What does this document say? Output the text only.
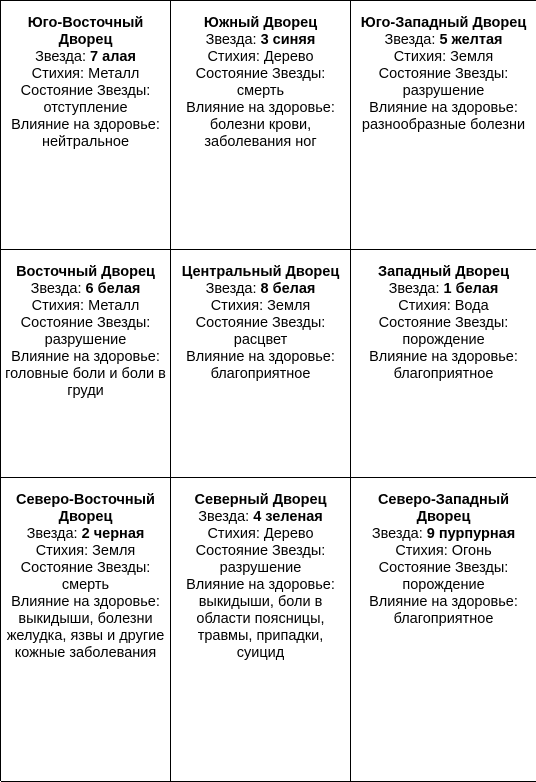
Юго-Восточный Дворец
Звезда: 7 алая
Стихия: Металл
Состояние Звезды:
отступление
Влияние на здоровье:
нейтральное
Южный Дворец
Звезда: 3 синяя
Стихия: Дерево
Состояние Звезды:
смерть
Влияние на здоровье:
болезни крови, заболевания ног
Юго-Западный Дворец
Звезда: 5 желтая
Стихия: Земля
Состояние Звезды:
разрушение
Влияние на здоровье:
разнообразные болезни
Восточный Дворец
Звезда: 6 белая
Стихия: Металл
Состояние Звезды:
разрушение
Влияние на здоровье:
головные боли и боли в груди
Центральный Дворец
Звезда: 8 белая
Стихия: Земля
Состояние Звезды:
расцвет
Влияние на здоровье:
благоприятное
Западный Дворец
Звезда: 1 белая
Стихия: Вода
Состояние Звезды:
порождение
Влияние на здоровье:
благоприятное
Северо-Восточный Дворец
Звезда: 2 черная
Стихия: Земля
Состояние Звезды:
смерть
Влияние на здоровье:
выкидыши, болезни желудка, язвы и другие кожные заболевания
Северный Дворец
Звезда: 4 зеленая
Стихия: Дерево
Состояние Звезды:
разрушение
Влияние на здоровье:
выкидыши, боли в области поясницы, травмы, припадки, суицид
Северо-Западный Дворец
Звезда: 9 пурпурная
Стихия: Огонь
Состояние Звезды:
порождение
Влияние на здоровье:
благоприятное
